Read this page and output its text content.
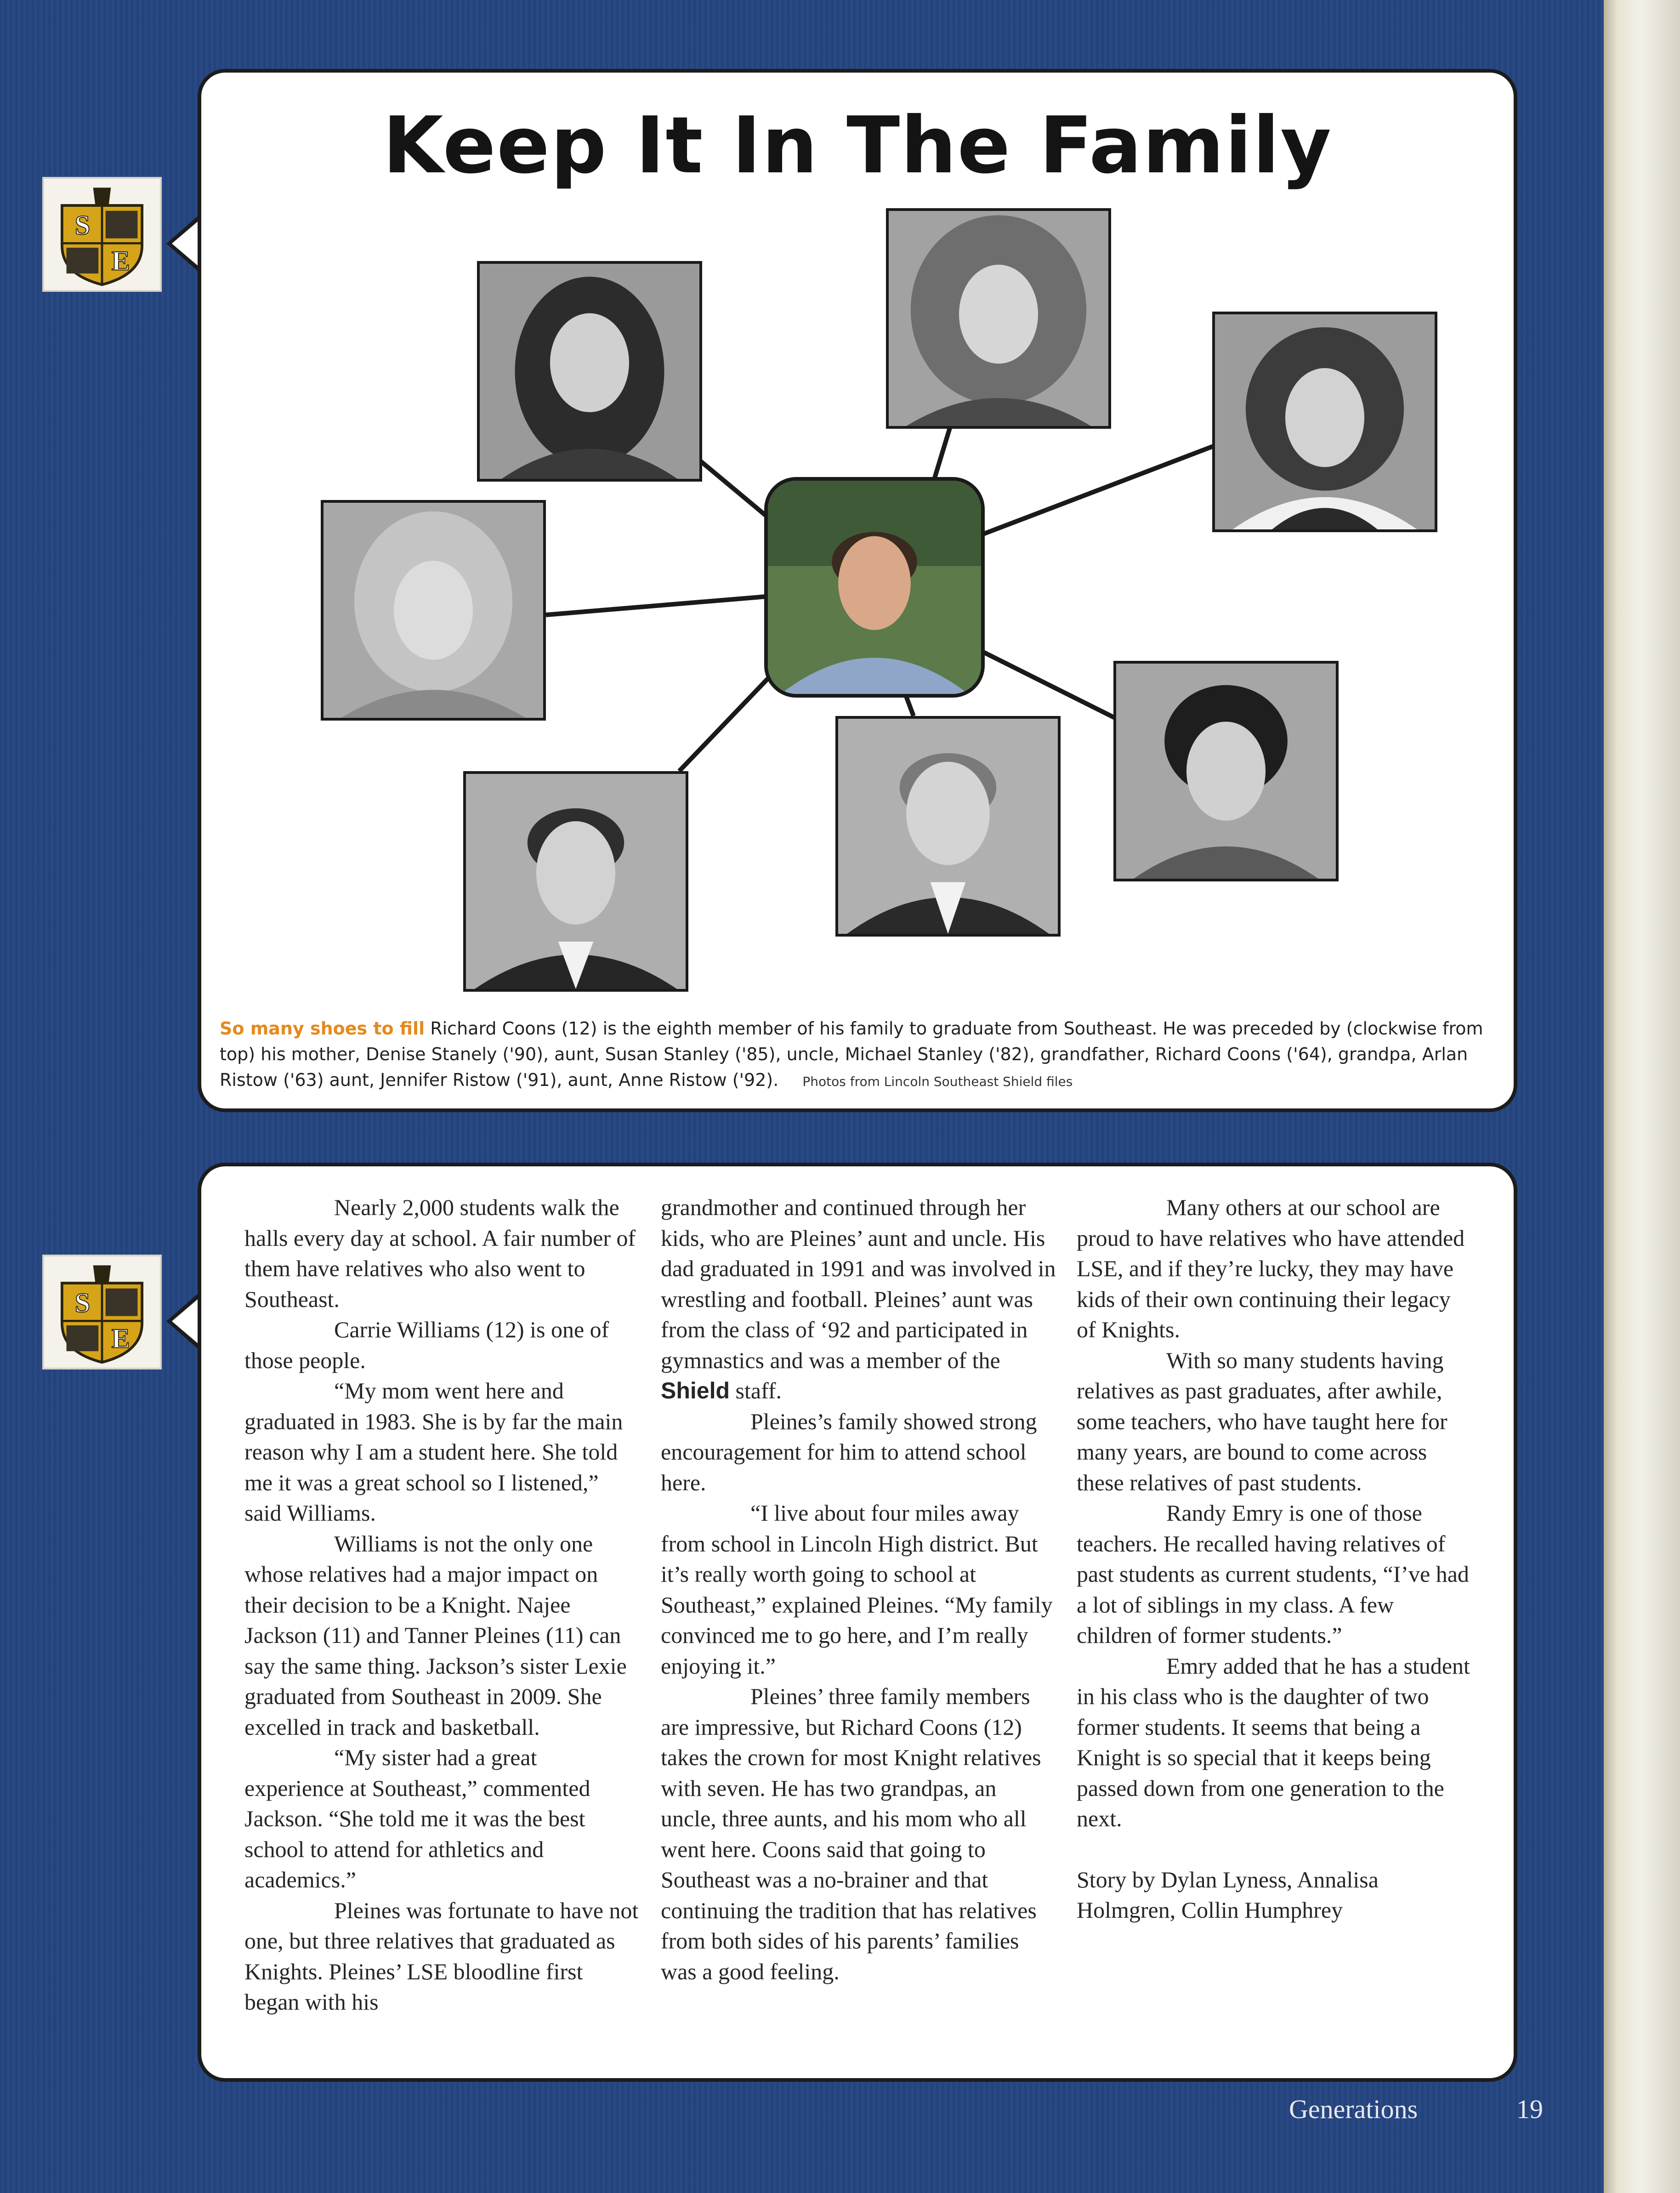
S
E
S
E
Keep It In The Family
So many shoes to fill Richard Coons (12) is the eighth member of his family to graduate from Southeast. He was preceded by (clockwise from top) his mother, Denise Stanely ('90), aunt, Susan Stanley ('85), uncle, Michael Stanley ('82), grandfather, Richard Coons ('64), grandpa, Arlan Ristow ('63) aunt, Jennifer Ristow ('91), aunt, Anne Ristow ('92). Photos from Lincoln Southeast Shield files

Nearly 2,000 students walk the halls every day at school. A fair number of them have relatives who also went to Southeast.

Carrie Williams (12) is one of those people.

“My mom went here and graduated in 1983. She is by far the main reason why I am a student here. She told me it was a great school so I listened,” said Williams.

Williams is not the only one whose relatives had a major impact on their decision to be a Knight. Najee Jackson (11) and Tanner Pleines (11) can say the same thing. Jackson’s sister Lexie graduated from Southeast in 2009. She excelled in track and basketball.

“My sister had a great experience at Southeast,” commented Jackson. “She told me it was the best school to attend for athletics and academics.”

Pleines was fortunate to have not one, but three relatives that graduated as Knights. Pleines’ LSE bloodline first began with his

grandmother and continued through her kids, who are Pleines’ aunt and uncle. His dad graduated in 1991 and was involved in wrestling and football. Pleines’ aunt was from the class of ‘92 and participated in gymnastics and was a member of the Shield staff.

Pleines’s family showed strong encouragement for him to attend school here.

“I live about four miles away from school in Lincoln High district. But it’s really worth going to school at Southeast,” explained Pleines. “My family convinced me to go here, and I’m really enjoying it.”

Pleines’ three family members are impressive, but Richard Coons (12) takes the crown for most Knight relatives with seven. He has two grandpas, an uncle, three aunts, and his mom who all went here. Coons said that going to Southeast was a no-brainer and that continuing the tradition that has relatives from both sides of his parents’ families was a good feeling.

Many others at our school are proud to have relatives who have attended LSE, and if they’re lucky, they may have kids of their own continuing their legacy of Knights.

With so many students having relatives as past graduates, after awhile, some teachers, who have taught here for many years, are bound to come across these relatives of past students.

Randy Emry is one of those teachers. He recalled having relatives of past students as current students, “I’ve had a lot of siblings in my class. A few children of former students.”

Emry added that he has a student in his class who is the daughter of two former students. It seems that being a Knight is so special that it keeps being passed down from one generation to the next.

Story by Dylan Lyness, Annalisa Holmgren, Collin Humphrey

Generations	19
